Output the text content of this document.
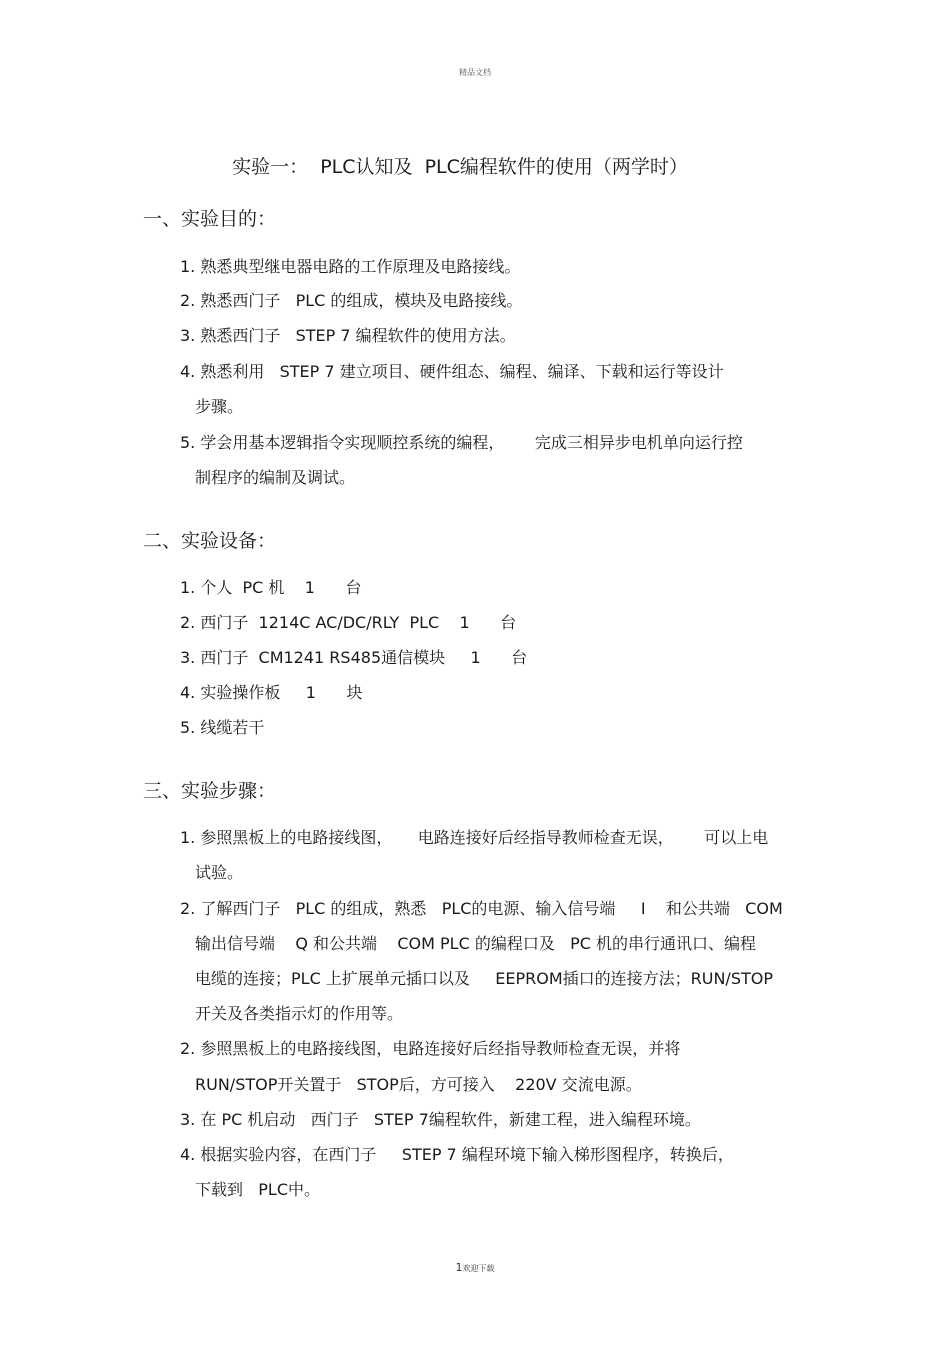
精品文档
实验一：  PLC认知及  PLC编程软件的使用（两学时）
一、实验目的：
1. 熟悉典型继电器电路的工作原理及电路接线。
2. 熟悉西门子   PLC 的组成，模块及电路接线。
3. 熟悉西门子   STEP 7 编程软件的使用方法。
4. 熟悉利用   STEP 7 建立项目、硬件组态、编程、编译、下载和运行等设计
步骤。
5. 学会用基本逻辑指令实现顺控系统的编程，      完成三相异步电机单向运行控
制程序的编制及调试。
二、实验设备：
1. 个人  PC 机    1      台
2. 西门子  1214C AC/DC/RLY  PLC    1      台
3. 西门子  CM1241 RS485通信模块     1      台
4. 实验操作板     1      块
5. 线缆若干
三、实验步骤：
1. 参照黑板上的电路接线图，     电路连接好后经指导教师检查无误，      可以上电
试验。
2. 了解西门子   PLC 的组成，熟悉   PLC的电源、输入信号端     I    和公共端   COM
输出信号端    Q 和公共端    COM PLC 的编程口及   PC 机的串行通讯口、编程
电缆的连接；PLC 上扩展单元插口以及     EEPROM插口的连接方法；RUN/STOP
开关及各类指示灯的作用等。
2. 参照黑板上的电路接线图，电路连接好后经指导教师检查无误，并将
RUN/STOP开关置于   STOP后，方可接入    220V 交流电源。
3. 在 PC 机启动   西门子   STEP 7编程软件，新建工程，进入编程环境。
4. 根据实验内容，在西门子     STEP 7 编程环境下输入梯形图程序，转换后，
下载到   PLC中。
1欢迎下载
